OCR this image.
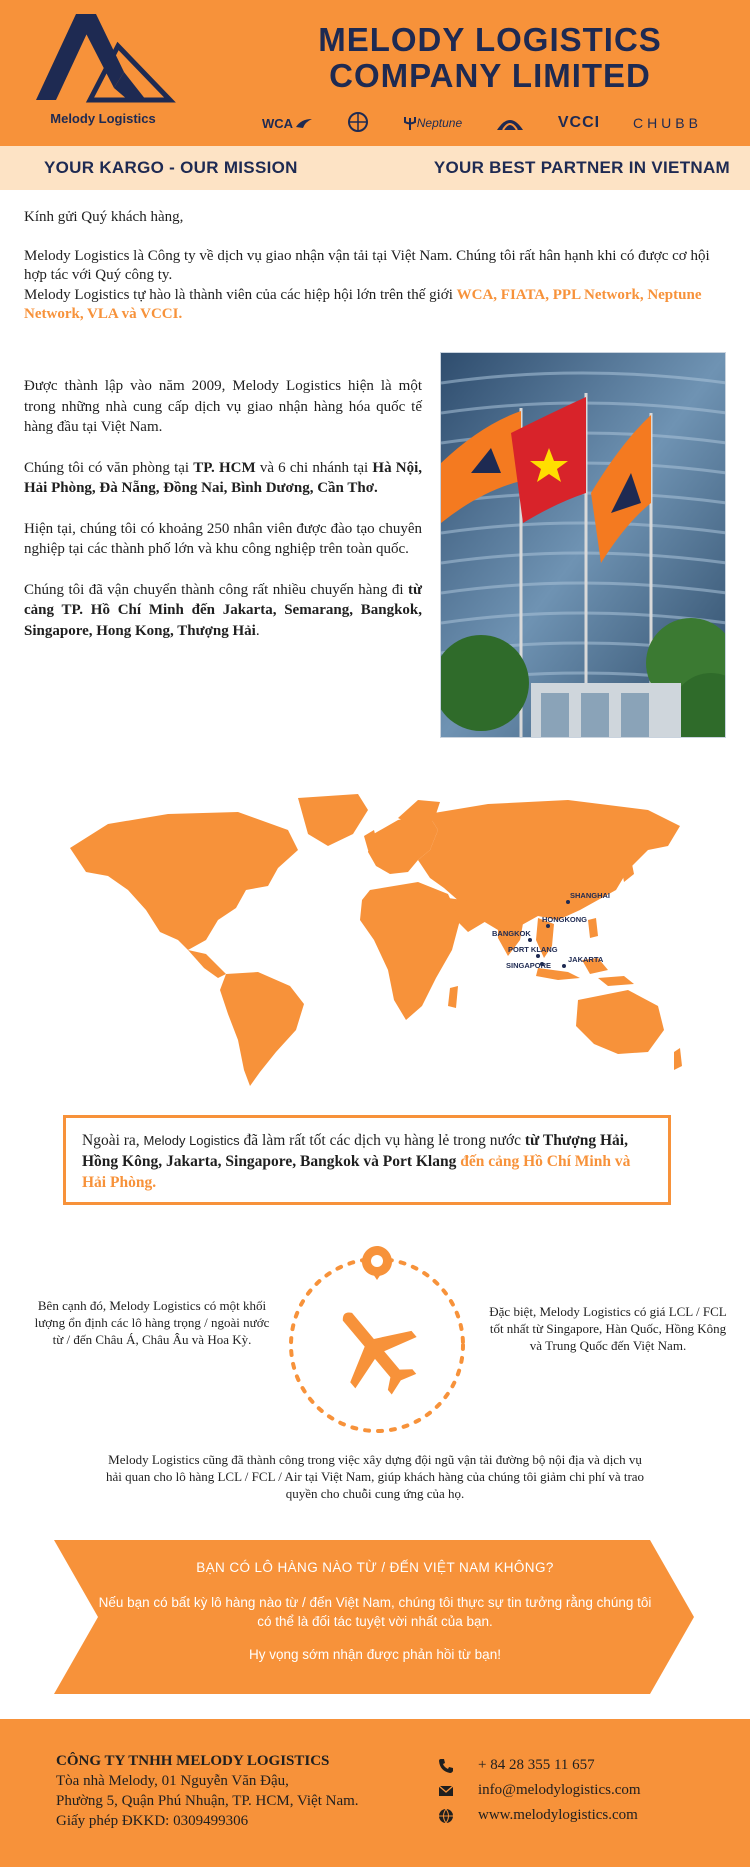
Melody Logistics
MELODY LOGISTICS
COMPANY LIMITED
WCA	Neptune	VCCI CHUBB
YOUR KARGO - OUR MISSION	YOUR BEST PARTNER IN VIETNAM

Kính gửi Quý khách hàng,

Melody Logistics là Công ty về dịch vụ giao nhận vận tải tại Việt Nam. Chúng tôi rất hân hạnh khi có được cơ hội hợp tác với Quý công ty.
Melody Logistics tự hào là thành viên của các hiệp hội lớn trên thế giới WCA, FIATA, PPL Network, Neptune Network, VLA và VCCI.

Được thành lập vào năm 2009, Melody Logistics hiện là một trong những nhà cung cấp dịch vụ giao nhận hàng hóa quốc tế hàng đầu tại Việt Nam.

Chúng tôi có văn phòng tại TP. HCM và 6 chi nhánh tại Hà Nội, Hải Phòng, Đà Nẵng, Đồng Nai, Bình Dương, Cần Thơ.

Hiện tại, chúng tôi có khoảng 250 nhân viên được đào tạo chuyên nghiệp tại các thành phố lớn và khu công nghiệp trên toàn quốc.

Chúng tôi đã vận chuyển thành công rất nhiều chuyến hàng đi từ cảng TP. Hồ Chí Minh đến Jakarta, Semarang, Bangkok, Singapore, Hong Kong, Thượng Hải.

SHANGHAI
HONGKONG
BANGKOK
PORT KLANG
JAKARTA
SINGAPORE
Ngoài ra, Melody Logistics đã làm rất tốt các dịch vụ hàng lẻ trong nước từ Thượng Hải, Hồng Kông, Jakarta, Singapore, Bangkok và Port Klang đến cảng Hồ Chí Minh và Hải Phòng.
Bên cạnh đó, Melody Logistics có một khối lượng ổn định các lô hàng trọng / ngoài nước từ / đến Châu Á, Châu Âu và Hoa Kỳ.
Đặc biệt, Melody Logistics có giá LCL / FCL tốt nhất từ Singapore, Hàn Quốc, Hồng Kông và Trung Quốc đến Việt Nam.
Melody Logistics cũng đã thành công trong việc xây dựng đội ngũ vận tải đường bộ nội địa và dịch vụ hải quan cho lô hàng LCL / FCL / Air tại Việt Nam, giúp khách hàng của chúng tôi giảm chi phí và trao quyền cho chuỗi cung ứng của họ.
BẠN CÓ LÔ HÀNG NÀO TỪ / ĐẾN VIỆT NAM KHÔNG?
Nếu bạn có bất kỳ lô hàng nào từ / đến Việt Nam, chúng tôi thực sự tin tưởng rằng chúng tôi có thể là đối tác tuyệt vời nhất của bạn.
Hy vọng sớm nhận được phản hồi từ bạn!
CÔNG TY TNHH MELODY LOGISTICS
Tòa nhà Melody, 01 Nguyễn Văn Đậu,
Phường 5, Quận Phú Nhuận, TP. HCM, Việt Nam.
Giấy phép ĐKKD: 0309499306
+ 84 28 355 11 657
info@melodylogistics.com
www.melodylogistics.com
